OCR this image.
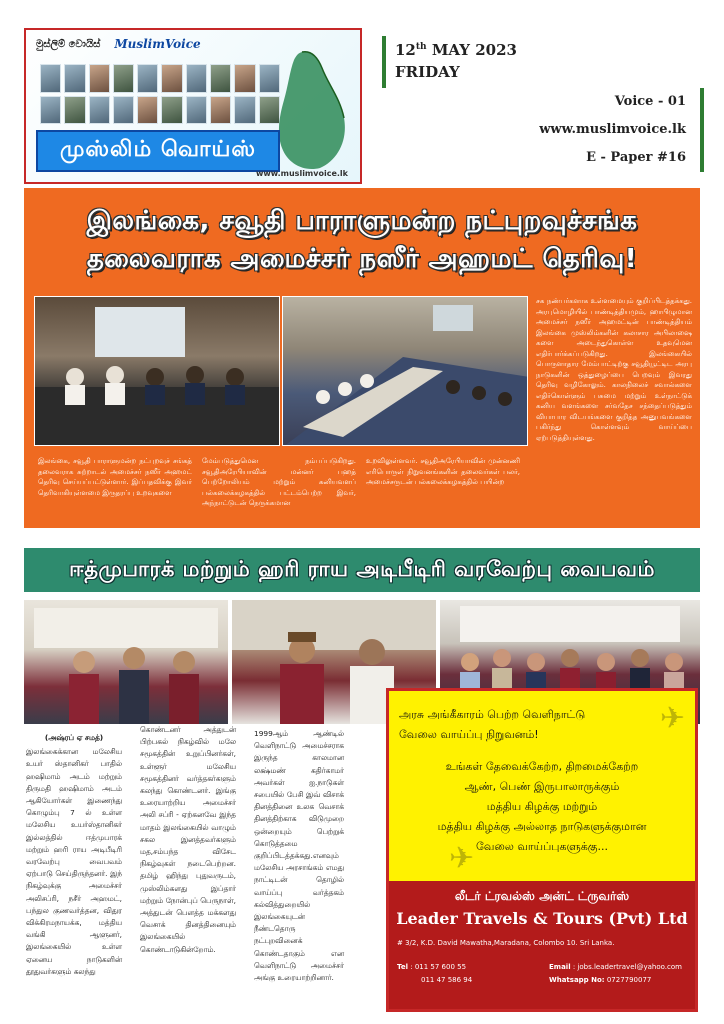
මුස්ලිම් වොයිස් MuslimVoice
முஸ்லிம் வொய்ஸ்
www.muslimvoice.lk
12th MAY 2023
FRIDAY
Voice - 01
www.muslimvoice.lk
E - Paper #16
இலங்கை, சவூதி பாராளுமன்ற நட்புறவுச்சங்க
தலைவராக அமைச்சர் நஸீர் அஹமட் தெரிவு!
சக நண்பர்களாக உள்ளமையும் குறிப்பிடத்தக்கது. அரபுமொழியில் பாண்டித்தியமும், ஹாபிழுமான அமைச்சர் நஸீர் அஹமட்டின் பாண்டித்தியம் இலங்கை முஸ்லிம்களின் கலாசார அபிலாஷை களை அடைந்துகொள்ள உதவுமென எதிர்பார்க்கப்படுகிறது. இலங்கையில் பொருளாதார மேம்பாட்டிற்கு சவூதியூட்டிட அரபு நாடுகளின் ஒத்துழைப்பை பெறவும் இவரது தெரிவு வழிகோலும். காலநிலைச் சவால்களை எதிர்கொள்ளும் பசுமை மற்றும் உள்நாட்டுக் கனிய வளங்களை சர்வதேச சந்தைப்படுத்தும் வியாபார விடயங்களை குறித்த அனுபவங்களை பகிர்ந்து கொள்ளவும் வாய்ப்பை ஏற்படுத்தியுள்ளது.
இலங்கை, சவூதி பாராளுமன்ற நட்புறவுச் சங்கத் தலைவராக சுற்றாடல் அமைச்சர் நஸீர் அஹமட் தெரிவு செய்யப்பட்டுள்ளார். இப்பதவிக்கு இவர் தெரிவாகியுள்ளமை இருதரப்பு உறவுகளை
மேம்படுத்துமென நம்பப்படுகிறது. சவூதிஅரேபியாவின் மன்னர் பஹத் பெற்றோலியம் மற்றும் கனியவளப் பல்கலைக்கழகத்தில் பட்டம்பெற்ற இவர், அந்நாட்டுடன் நெருக்கமான
உறவிலுள்ளவர். சவூதிஅரேபியாவின் முன்னணி எரிபொருள் நிறுவனங்களின் தலைவர்கள் பலர், அமைச்சருடன் பல்கலைக்கழகத்தில் பயின்ற
ஈத்முபாரக் மற்றும் ஹரி ராய அடிபீடிரி வரவேற்பு வைபவம்
(அஷ்ரப் ஏ சமத்)
இலங்கைக்கான மலேசிய உயர் ஸ்தானிகர் பாதில் ஹஷிமாம் அடம் மற்றும் திருமதி ஹஷிமாம் அடம் ஆகியோர்கள் இணைந்து கொழும்பு 7 ல் உள்ள மலேசிய உயர்ஸ்தானிகர் இல்லத்தில் ஈத்முபாரக் மற்றும் ஹரி ராய அடிபீடிரி வரவேற்பு வைபவம் ஏற்பாடு செய்திருந்தனர். இந் நிகழ்வுக்கு அமைச்சர் அலிசப்ரி, நசீர் அஹமட், பந்துல குணவர்த்தன, விதுர விக்கிரமநாயக்க, மத்திய வங்கி ஆளுனர், இலங்கையில் உள்ள ஏனைய நாடுகளின் தூதுவர்களும் கலந்து
கொண்டனர் அத்துடன் பிற்பகல் நிகழ்வில் மலே சமூகத்தின் உறுப்பினர்கள், உள்ளூர் மலேசிய சமூகத்தினர் வர்த்தகர்களும் கலந்து கொண்டனர். இங்கு உரையாற்றிய அமைச்சர் அலி சப்ரி - ஏற்கனவே இந்த மாதம் இலங்கையில் வாழும் சகல இனத்தவர்களும் மத,சம்பந்த விசேட நிகழ்வுகள் நடைபெற்றன. தமிழ் ஹிந்து புதுவருடம், முஸ்லிம்களது இப்தார் மற்றும் நோன்புப் பெருநாள், அத்துடன் பௌத்த மக்களது வெசாக் தினத்தினையும் இலங்கையில் கொண்டாடுகின்றோம்.
1999ஆம் ஆண்டில் வெளிநாட்டு அமைச்சராக இருந்த காலமான லக்ஷ்மண் கதிர்காமர் அவர்கள் ஐ.நாடுகள் சபையில் பேசி இவ் விசாக் தினத்தினை உலக வெசாக் தினத்திற்காக விடுமுறை ஒன்றையும் பெற்றுக் கொடுத்தமை குறிப்பிடத்தக்கது.எனவும் மலேசிய அரசாங்கம் எமது நாட்டிடன் தொழில் வாய்ப்பு வர்த்தகம் கல்வித்துறையில் இலங்கையுடன் நீண்டதொரு நட்புறவினைக் கொண்டதாகும் என வெளிநாட்டு அமைச்சர் அங்கு உரையாற்றினார்.
அரசு அங்கீகாரம் பெற்ற வெளிநாட்டு
வேலை வாய்ப்பு நிறுவனம்!	✈
உங்கள் தேவைக்கேற்ற, திறமைக்கேற்ற
ஆண், பெண் இருபாலாருக்கும்
மத்திய கிழக்கு மற்றும்
மத்திய கிழக்கு அல்லாத நாடுகளுக்குமான
வேலை வாய்ப்புகளுக்கு...
✈
லீடர் ட்ரவல்ஸ் அன்ட் ட்ருவர்ஸ்
Leader Travels & Tours (Pvt) Ltd
# 3/2, K.D. David Mawatha,Maradana, Colombo 10. Sri Lanka.
Tel : 011 57 600 55
011 47 586 94
Email : jobs.leadertravel@yahoo.com
Whatsapp No: 0727790077
